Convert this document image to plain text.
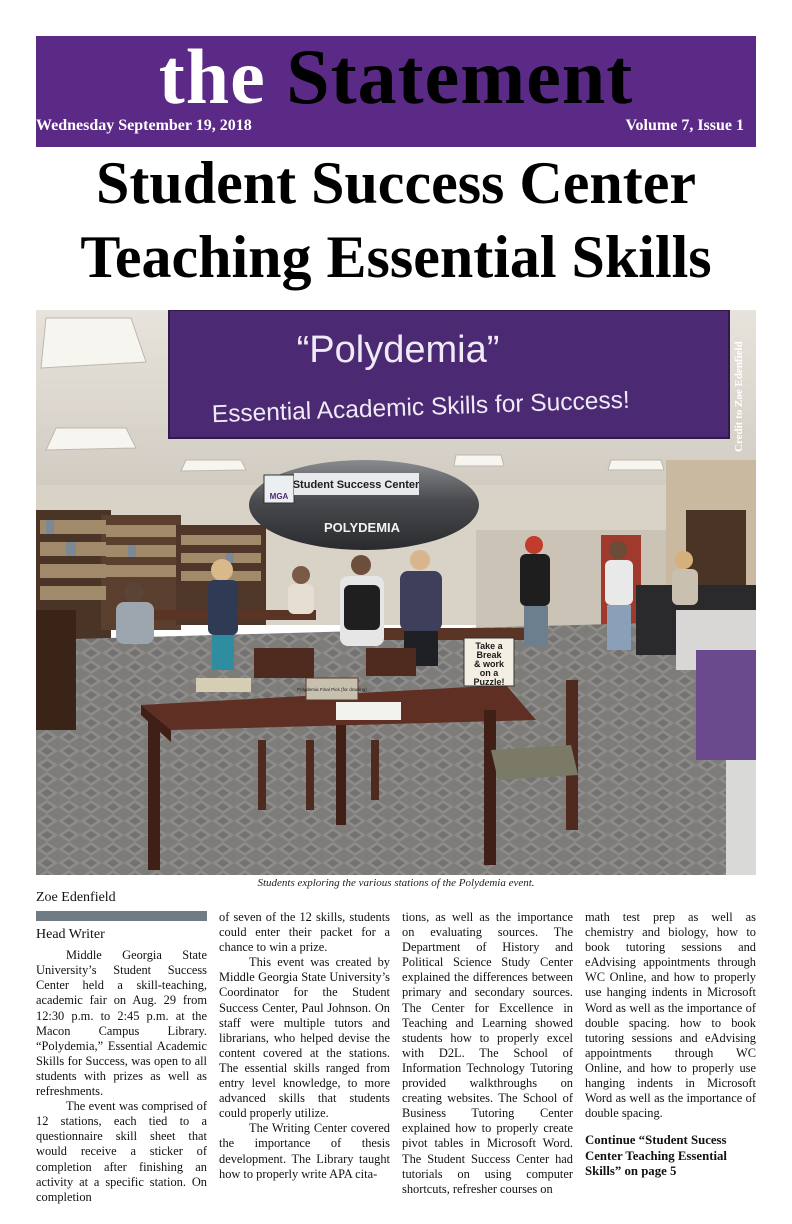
the Statement
Wednesday September 19, 2018	Volume 7, Issue 1
Student Success Center
Teaching Essential Skills
“Polydemia”
Essential Academic Skills for Success!	Credit to Zoe Edenfield
MGA
Student Success Center
POLYDEMIA
Polydemia Final Pick (for drawing)
Take a
Break
& work
on a
Puzzle!
Students exploring the various stations of the Polydemia event.
Zoe Edenfield
Head Writer

Middle Georgia State University’s Student Success Center held a skill-teaching, academic fair on Aug. 29 from 12:30 p.m. to 2:45 p.m. at the Macon Campus Library. “Polydemia,” Essential Academic Skills for Success, was open to all students with prizes as well as refreshments.

The event was comprised of 12 stations, each tied to a questionnaire skill sheet that would receive a sticker of completion after finishing an activity at a specific station. On completion

of seven of the 12 skills, students could enter their packet for a chance to win a prize.

This event was created by Middle Georgia State University’s Coordinator for the Student Success Center, Paul Johnson. On staff were multiple tutors and librarians, who helped devise the content covered at the stations. The essential skills ranged from entry level knowledge, to more advanced skills that students could properly utilize.

The Writing Center covered the importance of thesis development. The Library taught how to properly write APA cita-

tions, as well as the importance on evaluating sources. The Department of History and Political Science Study Center explained the differences between primary and secondary sources. The Center for Excellence in Teaching and Learning showed students how to properly excel with D2L. The School of Information Technology Tutoring provided walkthroughs on creating websites. The School of Business Tutoring Center explained how to properly create pivot tables in Microsoft Word. The Student Success Center had tutorials on using computer shortcuts, refresher courses on

math test prep as well as chemistry and biology, how to book tutoring sessions and eAdvising appointments through WC Online, and how to properly use hanging indents in Microsoft Word as well as the importance of double spacing. how to book tutoring sessions and eAdvising appointments through WC Online, and how to properly use hanging indents in Microsoft Word as well as the importance of double spacing.

Continue “Student Sucess Center Teaching Essential Skills” on page 5
